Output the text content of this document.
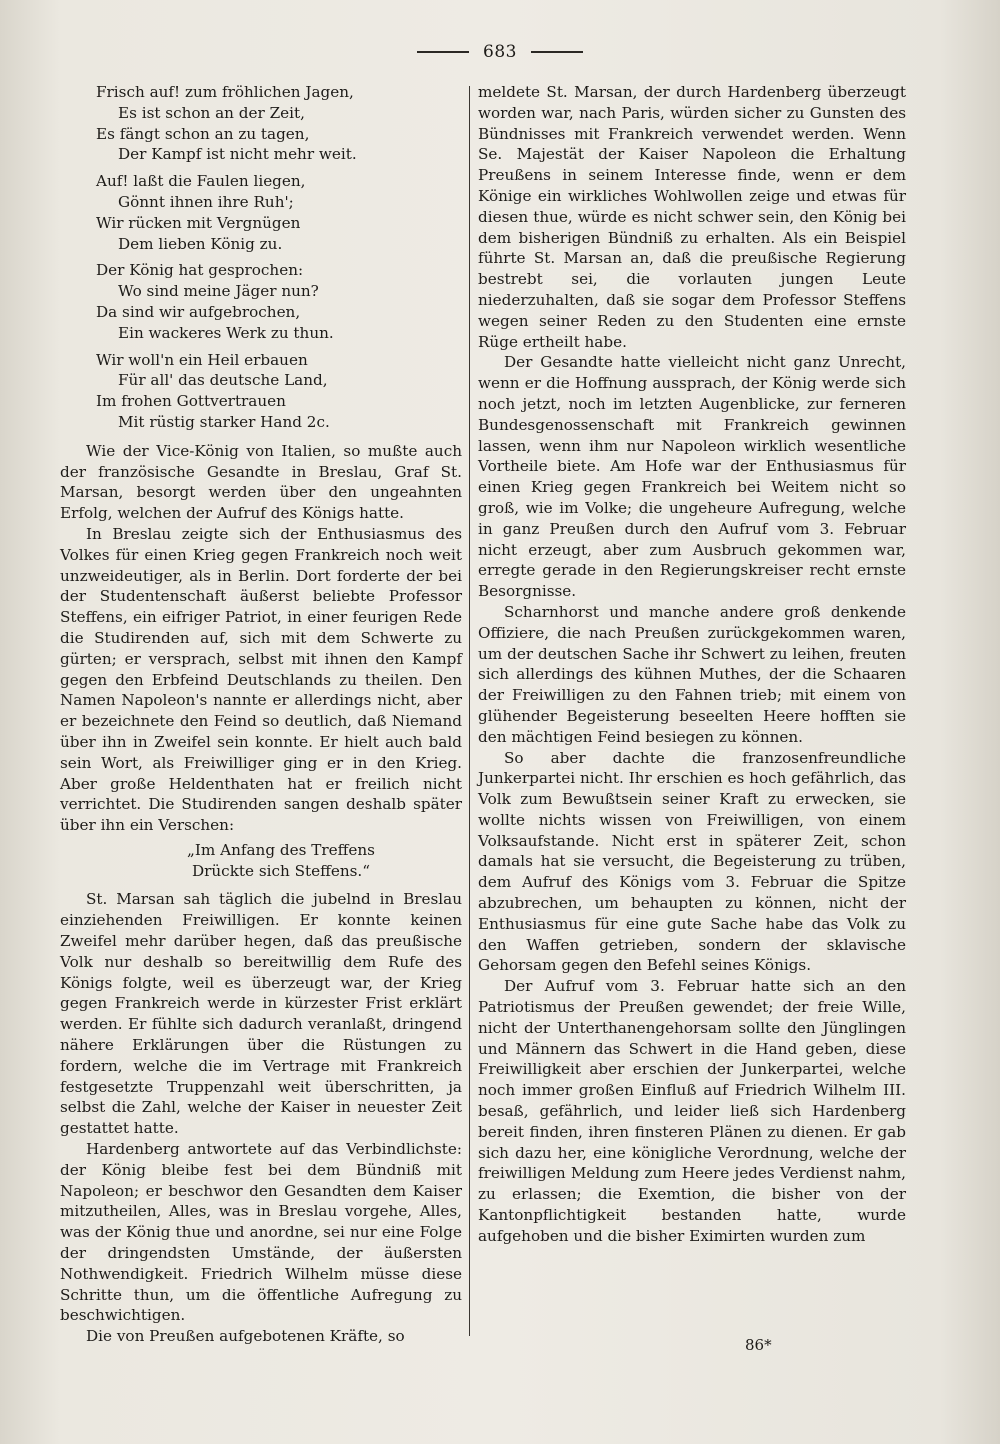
683
Frisch auf! zum fröhlichen Jagen,
Es ist schon an der Zeit,
Es fängt schon an zu tagen,
Der Kampf ist nicht mehr weit.
Auf! laßt die Faulen liegen,
Gönnt ihnen ihre Ruh';
Wir rücken mit Vergnügen
Dem lieben König zu.
Der König hat gesprochen:
Wo sind meine Jäger nun?
Da sind wir aufgebrochen,
Ein wackeres Werk zu thun.
Wir woll'n ein Heil erbauen
Für all' das deutsche Land,
Im frohen Gottvertrauen
Mit rüstig starker Hand 2c.

Wie der Vice-König von Italien, so mußte auch der französische Gesandte in Breslau, Graf St. Marsan, besorgt werden über den ungeahnten Erfolg, welchen der Aufruf des Königs hatte.

In Breslau zeigte sich der Enthusiasmus des Volkes für einen Krieg gegen Frankreich noch weit unzweideutiger, als in Berlin. Dort forderte der bei der Studentenschaft äußerst beliebte Professor Steffens, ein eifriger Patriot, in einer feurigen Rede die Studirenden auf, sich mit dem Schwerte zu gürten; er versprach, selbst mit ihnen den Kampf gegen den Erbfeind Deutschlands zu theilen. Den Namen Napoleon's nannte er allerdings nicht, aber er bezeichnete den Feind so deutlich, daß Niemand über ihn in Zweifel sein konnte. Er hielt auch bald sein Wort, als Freiwilliger ging er in den Krieg. Aber große Heldenthaten hat er freilich nicht verrichtet. Die Studirenden sangen deshalb später über ihn ein Verschen:

„Im Anfang des Treffens
Drückte sich Steffens.“

St. Marsan sah täglich die jubelnd in Breslau einziehenden Freiwilligen. Er konnte keinen Zweifel mehr darüber hegen, daß das preußische Volk nur deshalb so bereitwillig dem Rufe des Königs folgte, weil es überzeugt war, der Krieg gegen Frankreich werde in kürzester Frist erklärt werden. Er fühlte sich dadurch veranlaßt, dringend nähere Erklärungen über die Rüstungen zu fordern, welche die im Vertrage mit Frankreich festgesetzte Truppenzahl weit überschritten, ja selbst die Zahl, welche der Kaiser in neuester Zeit gestattet hatte.

Hardenberg antwortete auf das Verbindlichste: der König bleibe fest bei dem Bündniß mit Napoleon; er beschwor den Gesandten dem Kaiser mitzutheilen, Alles, was in Breslau vorgehe, Alles, was der König thue und anordne, sei nur eine Folge der dringendsten Umstände, der äußersten Nothwendigkeit. Friedrich Wilhelm müsse diese Schritte thun, um die öffentliche Aufregung zu beschwichtigen.

Die von Preußen aufgebotenen Kräfte, so

meldete St. Marsan, der durch Hardenberg überzeugt worden war, nach Paris, würden sicher zu Gunsten des Bündnisses mit Frankreich verwendet werden. Wenn Se. Majestät der Kaiser Napoleon die Erhaltung Preußens in seinem Interesse finde, wenn er dem Könige ein wirkliches Wohlwollen zeige und etwas für diesen thue, würde es nicht schwer sein, den König bei dem bisherigen Bündniß zu erhalten. Als ein Beispiel führte St. Marsan an, daß die preußische Regierung bestrebt sei, die vorlauten jungen Leute niederzuhalten, daß sie sogar dem Professor Steffens wegen seiner Reden zu den Studenten eine ernste Rüge ertheilt habe.

Der Gesandte hatte vielleicht nicht ganz Unrecht, wenn er die Hoffnung aussprach, der König werde sich noch jetzt, noch im letzten Augenblicke, zur ferneren Bundesgenossenschaft mit Frankreich gewinnen lassen, wenn ihm nur Napoleon wirklich wesentliche Vortheile biete. Am Hofe war der Enthusiasmus für einen Krieg gegen Frankreich bei Weitem nicht so groß, wie im Volke; die ungeheure Aufregung, welche in ganz Preußen durch den Aufruf vom 3. Februar nicht erzeugt, aber zum Ausbruch gekommen war, erregte gerade in den Regierungskreiser recht ernste Besorgnisse.

Scharnhorst und manche andere groß denkende Offiziere, die nach Preußen zurückgekommen waren, um der deutschen Sache ihr Schwert zu leihen, freuten sich allerdings des kühnen Muthes, der die Schaaren der Freiwilligen zu den Fahnen trieb; mit einem von glühender Begeisterung beseelten Heere hofften sie den mächtigen Feind besiegen zu können.

So aber dachte die franzosenfreundliche Junkerpartei nicht. Ihr erschien es hoch gefährlich, das Volk zum Bewußtsein seiner Kraft zu erwecken, sie wollte nichts wissen von Freiwilligen, von einem Volksaufstande. Nicht erst in späterer Zeit, schon damals hat sie versucht, die Begeisterung zu trüben, dem Aufruf des Königs vom 3. Februar die Spitze abzubrechen, um behaupten zu können, nicht der Enthusiasmus für eine gute Sache habe das Volk zu den Waffen getrieben, sondern der sklavische Gehorsam gegen den Befehl seines Königs.

Der Aufruf vom 3. Februar hatte sich an den Patriotismus der Preußen gewendet; der freie Wille, nicht der Unterthanengehorsam sollte den Jünglingen und Männern das Schwert in die Hand geben, diese Freiwilligkeit aber erschien der Junkerpartei, welche noch immer großen Einfluß auf Friedrich Wilhelm III. besaß, gefährlich, und leider ließ sich Hardenberg bereit finden, ihren finsteren Plänen zu dienen. Er gab sich dazu her, eine königliche Verordnung, welche der freiwilligen Meldung zum Heere jedes Verdienst nahm, zu erlassen; die Exemtion, die bisher von der Kantonpflichtigkeit bestanden hatte, wurde aufgehoben und die bisher Eximirten wurden zum

86*
